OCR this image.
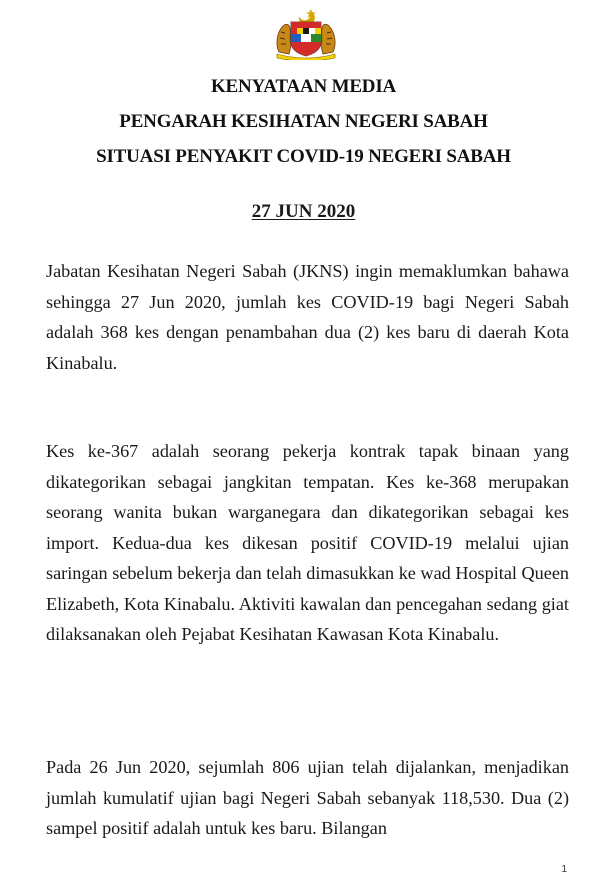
KENYATAAN MEDIA
PENGARAH KESIHATAN NEGERI SABAH
SITUASI PENYAKIT COVID-19 NEGERI SABAH
27 JUN 2020
Jabatan Kesihatan Negeri Sabah (JKNS) ingin memaklumkan bahawa sehingga 27 Jun 2020, jumlah kes COVID-19 bagi Negeri Sabah adalah 368 kes dengan penambahan dua (2) kes baru di daerah Kota Kinabalu.
Kes ke-367 adalah seorang pekerja kontrak tapak binaan yang dikategorikan sebagai jangkitan tempatan. Kes ke-368 merupakan seorang wanita bukan warganegara dan dikategorikan sebagai kes import. Kedua-dua kes dikesan positif COVID-19 melalui ujian saringan sebelum bekerja dan telah dimasukkan ke wad Hospital Queen Elizabeth, Kota Kinabalu. Aktiviti kawalan dan pencegahan sedang giat dilaksanakan oleh Pejabat Kesihatan Kawasan Kota Kinabalu.
Pada 26 Jun 2020, sejumlah 806 ujian telah dijalankan, menjadikan jumlah kumulatif ujian bagi Negeri Sabah sebanyak 118,530. Dua (2) sampel positif adalah untuk kes baru. Bilangan
1
